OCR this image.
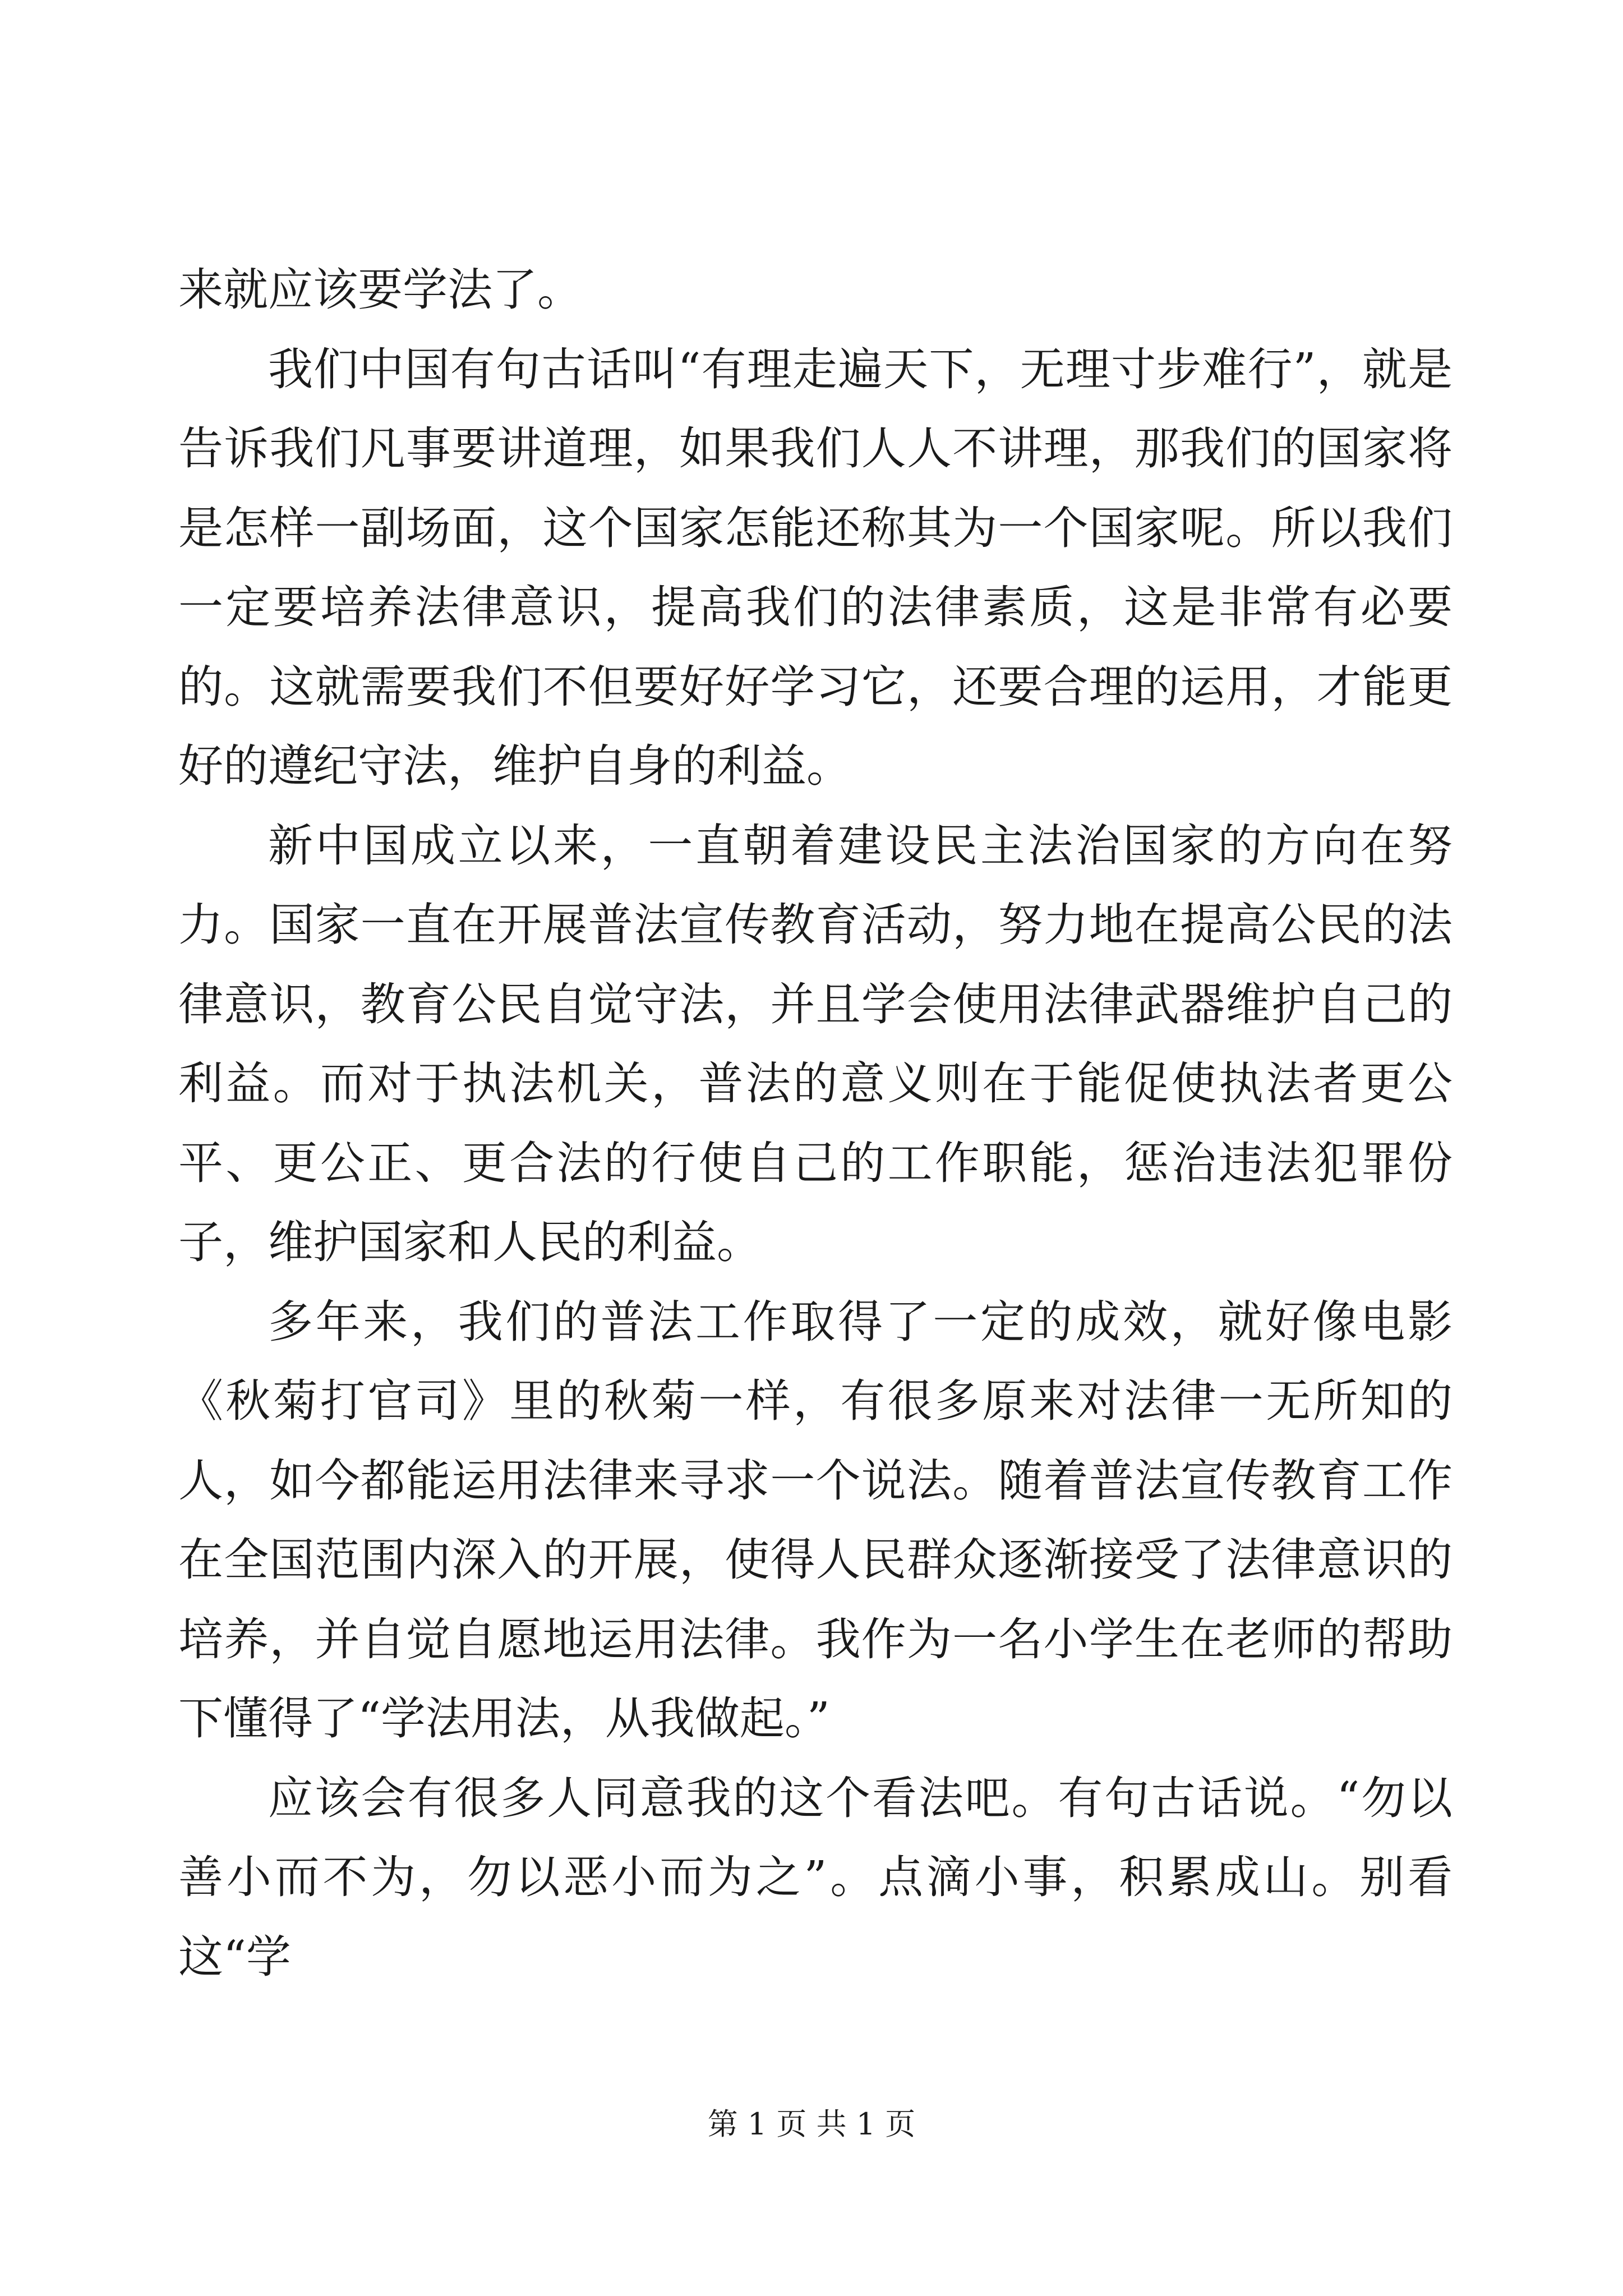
来就应该要学法了。

我们中国有句古话叫“有理走遍天下，无理寸步难行”，就是告诉我们凡事要讲道理，如果我们人人不讲理，那我们的国家将是怎样一副场面，这个国家怎能还称其为一个国家呢。所以我们一定要培养法律意识，提高我们的法律素质，这是非常有必要的。这就需要我们不但要好好学习它，还要合理的运用，才能更好的遵纪守法，维护自身的利益。

新中国成立以来，一直朝着建设民主法治国家的方向在努力。国家一直在开展普法宣传教育活动，努力地在提高公民的法律意识，教育公民自觉守法，并且学会使用法律武器维护自己的利益。而对于执法机关，普法的意义则在于能促使执法者更公平、更公正、更合法的行使自己的工作职能，惩治违法犯罪份子，维护国家和人民的利益。

多年来，我们的普法工作取得了一定的成效，就好像电影《秋菊打官司》里的秋菊一样，有很多原来对法律一无所知的人，如今都能运用法律来寻求一个说法。随着普法宣传教育工作在全国范围内深入的开展，使得人民群众逐渐接受了法律意识的培养，并自觉自愿地运用法律。我作为一名小学生在老师的帮助下懂得了“学法用法，从我做起。”

应该会有很多人同意我的这个看法吧。有句古话说。“勿以善小而不为，勿以恶小而为之”。点滴小事，积累成山。别看这“学

第 1 页 共 1 页
